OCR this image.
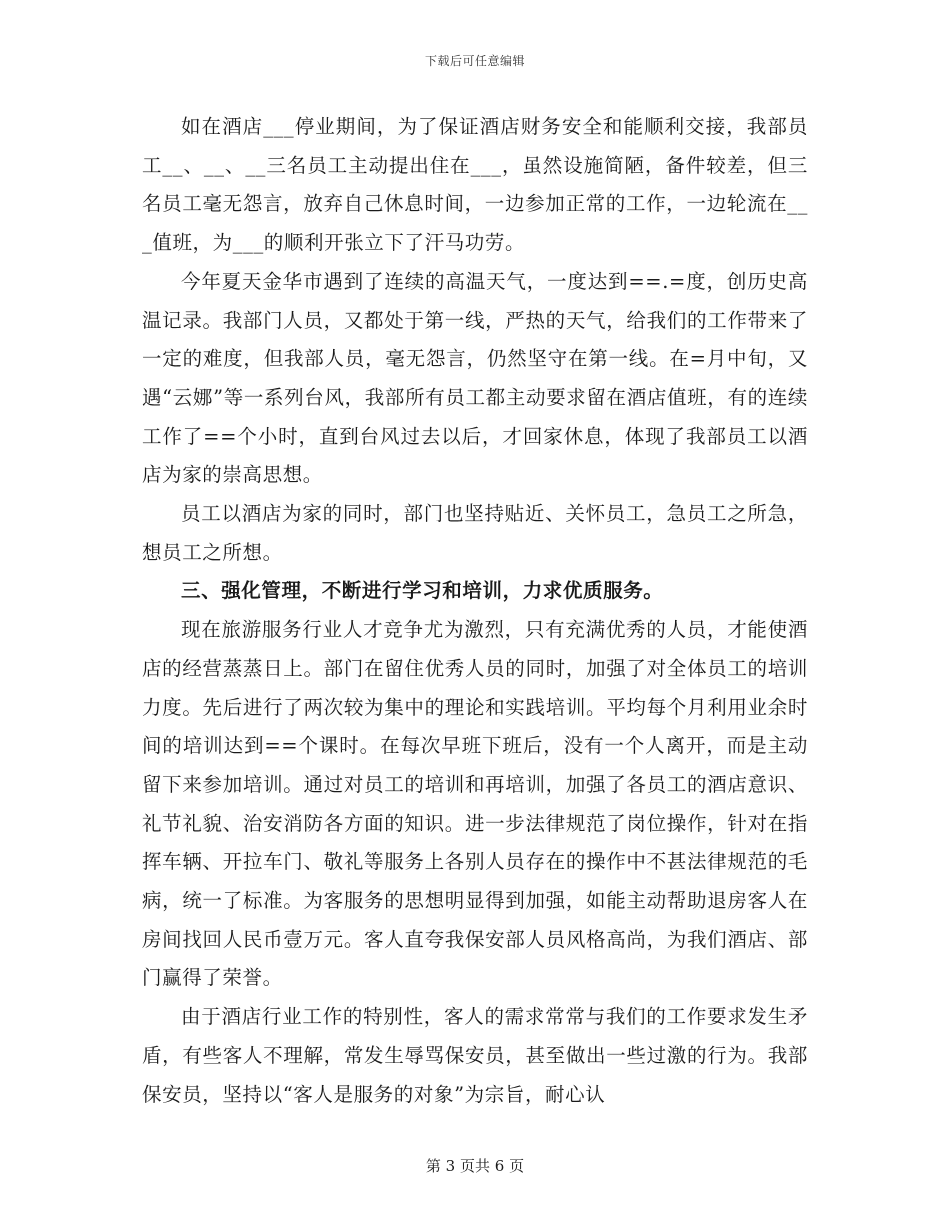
下载后可任意编辑

如在酒店___停业期间，为了保证酒店财务安全和能顺利交接，我部员工__、__、__三名员工主动提出住在___，虽然设施简陋，备件较差，但三名员工毫无怨言，放弃自己休息时间，一边参加正常的工作，一边轮流在___值班，为___的顺利开张立下了汗马功劳。

今年夏天金华市遇到了连续的高温天气，一度达到==.=度，创历史高温记录。我部门人员，又都处于第一线，严热的天气，给我们的工作带来了一定的难度，但我部人员，毫无怨言，仍然坚守在第一线。在=月中旬，又遇“云娜”等一系列台风，我部所有员工都主动要求留在酒店值班，有的连续工作了==个小时，直到台风过去以后，才回家休息，体现了我部员工以酒店为家的崇高思想。

员工以酒店为家的同时，部门也坚持贴近、关怀员工，急员工之所急，想员工之所想。

三、强化管理，不断进行学习和培训，力求优质服务。

现在旅游服务行业人才竞争尤为激烈，只有充满优秀的人员，才能使酒店的经营蒸蒸日上。部门在留住优秀人员的同时，加强了对全体员工的培训力度。先后进行了两次较为集中的理论和实践培训。平均每个月利用业余时间的培训达到==个课时。在每次早班下班后，没有一个人离开，而是主动留下来参加培训。通过对员工的培训和再培训，加强了各员工的酒店意识、礼节礼貌、治安消防各方面的知识。进一步法律规范了岗位操作，针对在指挥车辆、开拉车门、敬礼等服务上各别人员存在的操作中不甚法律规范的毛病，统一了标准。为客服务的思想明显得到加强，如能主动帮助退房客人在房间找回人民币壹万元。客人直夸我保安部人员风格高尚，为我们酒店、部门赢得了荣誉。

由于酒店行业工作的特别性，客人的需求常常与我们的工作要求发生矛盾，有些客人不理解，常发生辱骂保安员，甚至做出一些过激的行为。我部保安员，坚持以“客人是服务的对象”为宗旨，耐心认

第 3 页共 6 页
